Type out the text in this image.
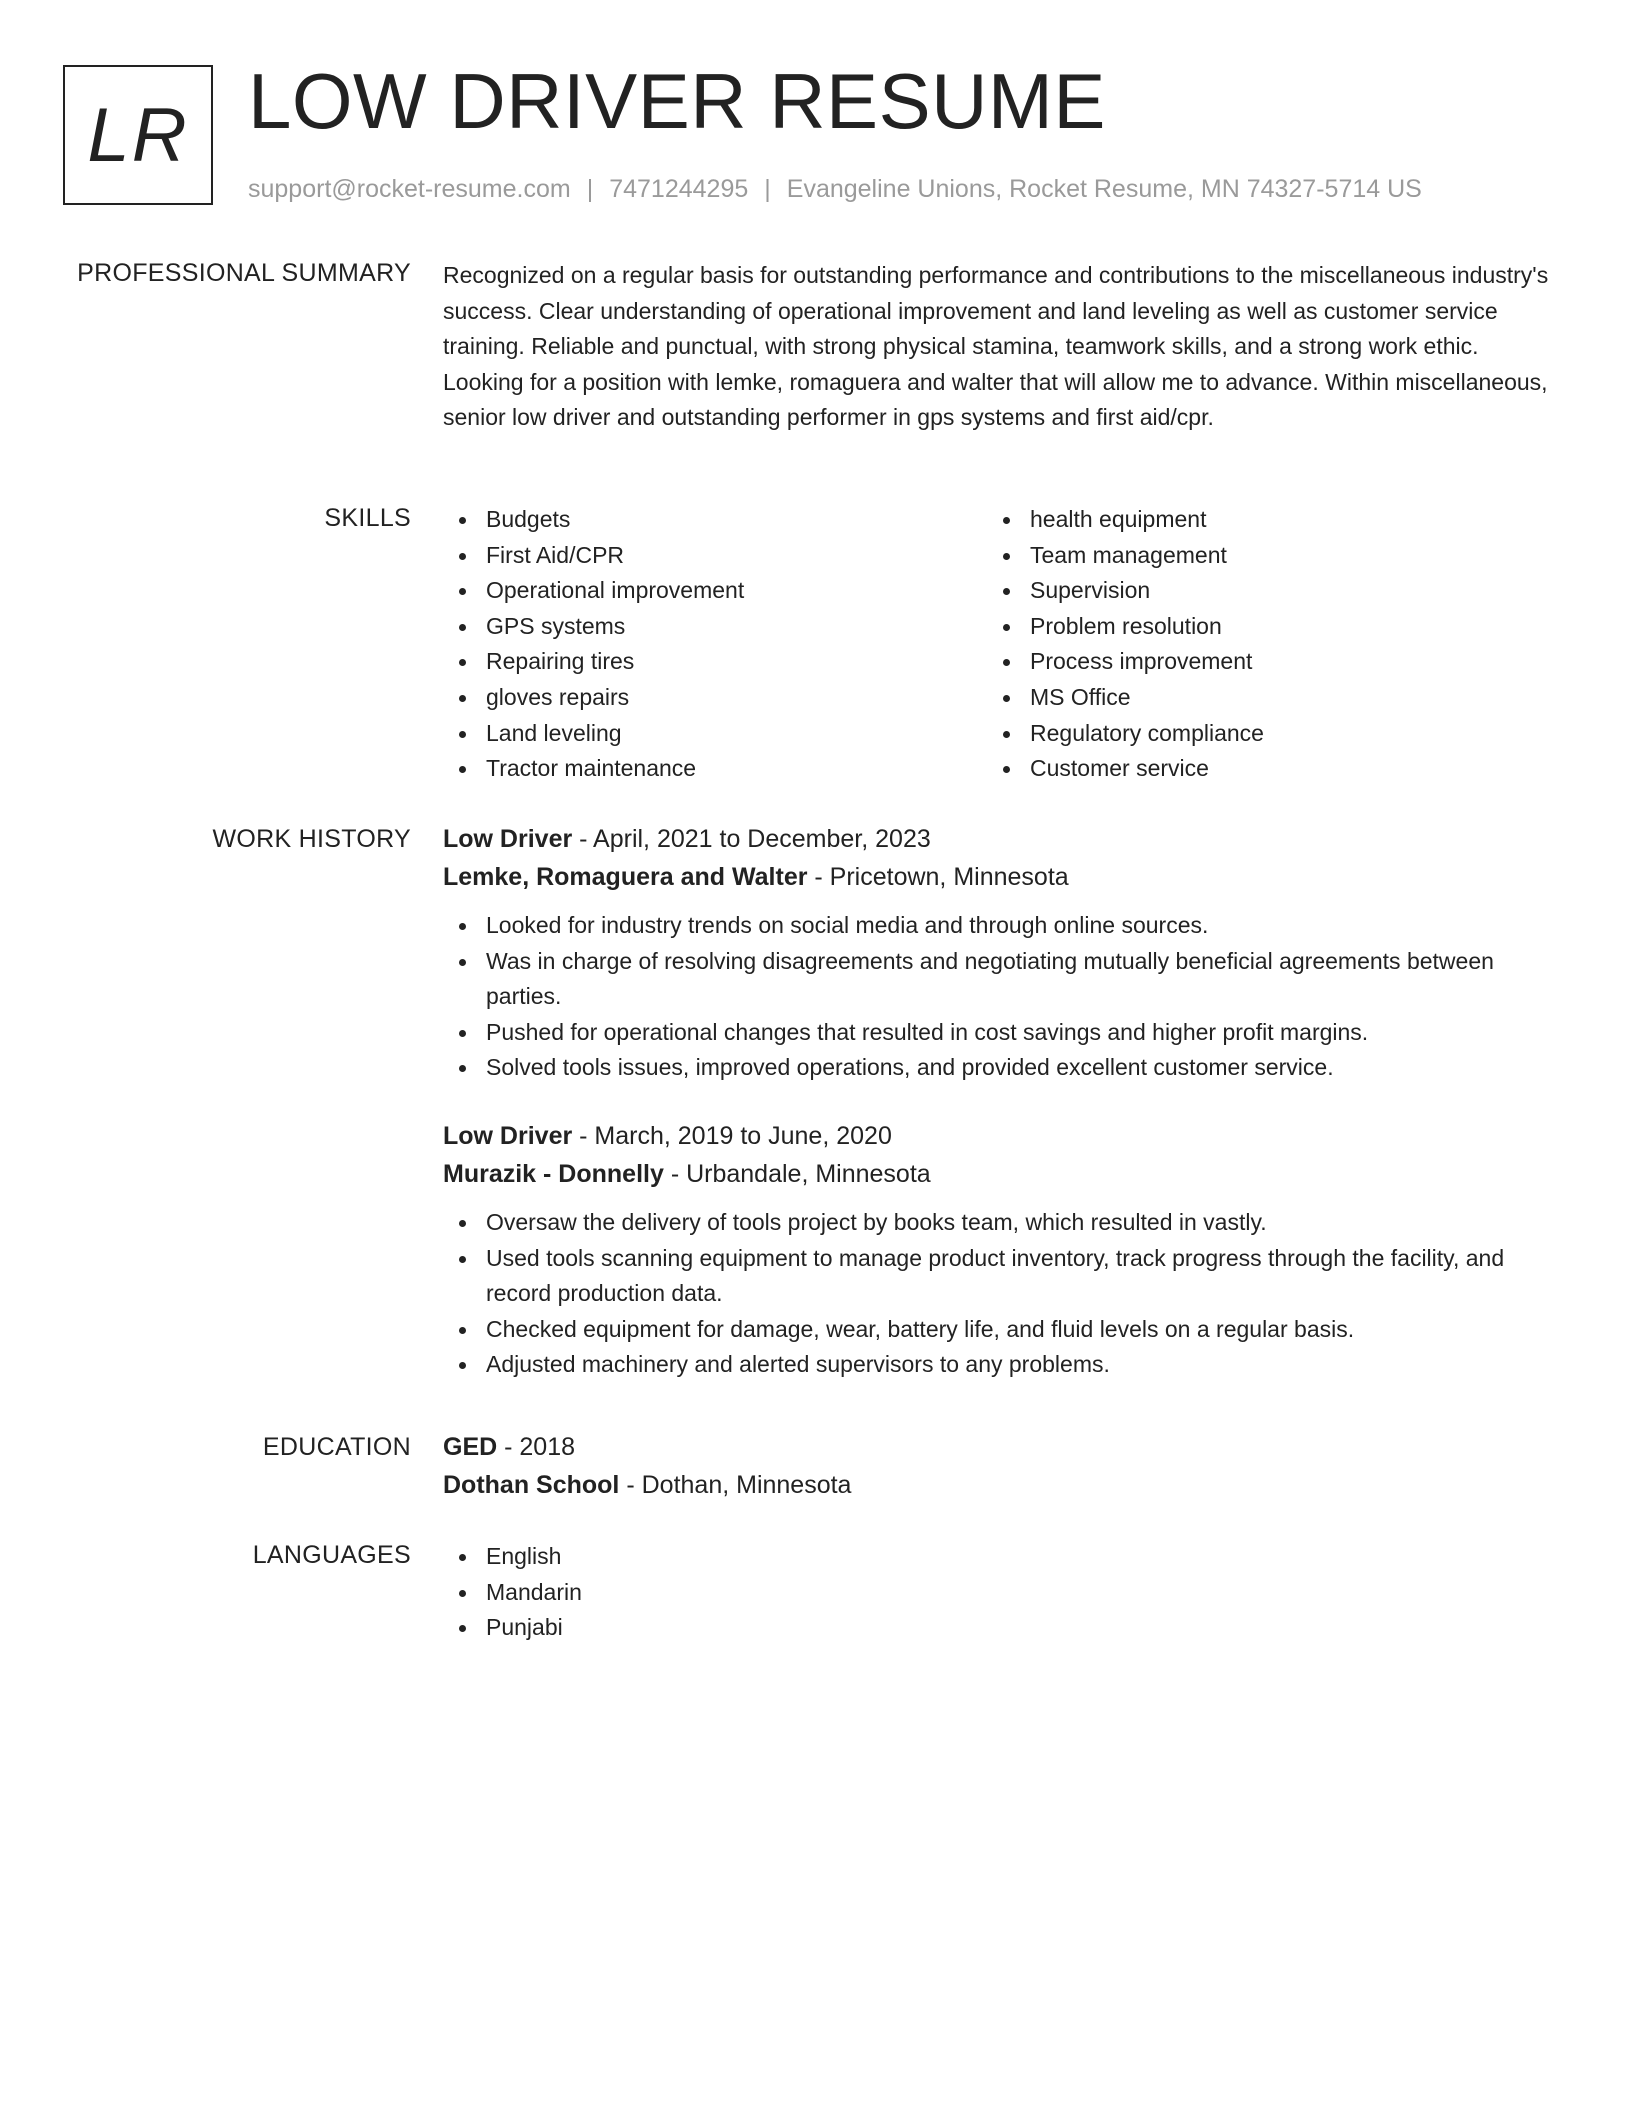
LR LOW DRIVER RESUME
support@rocket-resume.com | 7471244295 | Evangeline Unions, Rocket Resume, MN 74327-5714 US
PROFESSIONAL SUMMARY Recognized on a regular basis for outstanding performance and contributions to the miscellaneous industry's success. Clear understanding of operational improvement and land leveling as well as customer service training. Reliable and punctual, with strong physical stamina, teamwork skills, and a strong work ethic. Looking for a position with lemke, romaguera and walter that will allow me to advance. Within miscellaneous, senior low driver and outstanding performer in gps systems and first aid/cpr.

SKILLS	Budgets
First Aid/CPR
Operational improvement
GPS systems
Repairing tires
gloves repairs
Land leveling
Tractor maintenance
health equipment
Team management
Supervision
Problem resolution
Process improvement
MS Office
Regulatory compliance
Customer service
WORK HISTORY Low Driver - April, 2021 to December, 2023
Lemke, Romaguera and Walter - Pricetown, Minnesota
Looked for industry trends on social media and through online sources.
Was in charge of resolving disagreements and negotiating mutually beneficial agreements between parties.
Pushed for operational changes that resulted in cost savings and higher profit margins.
Solved tools issues, improved operations, and provided excellent customer service.
Low Driver - March, 2019 to June, 2020
Murazik - Donnelly - Urbandale, Minnesota
Oversaw the delivery of tools project by books team, which resulted in vastly.
Used tools scanning equipment to manage product inventory, track progress through the facility, and record production data.
Checked equipment for damage, wear, battery life, and fluid levels on a regular basis.
Adjusted machinery and alerted supervisors to any problems.
EDUCATION GED - 2018
Dothan School - Dothan, Minnesota
LANGUAGES	English
Mandarin
Punjabi
